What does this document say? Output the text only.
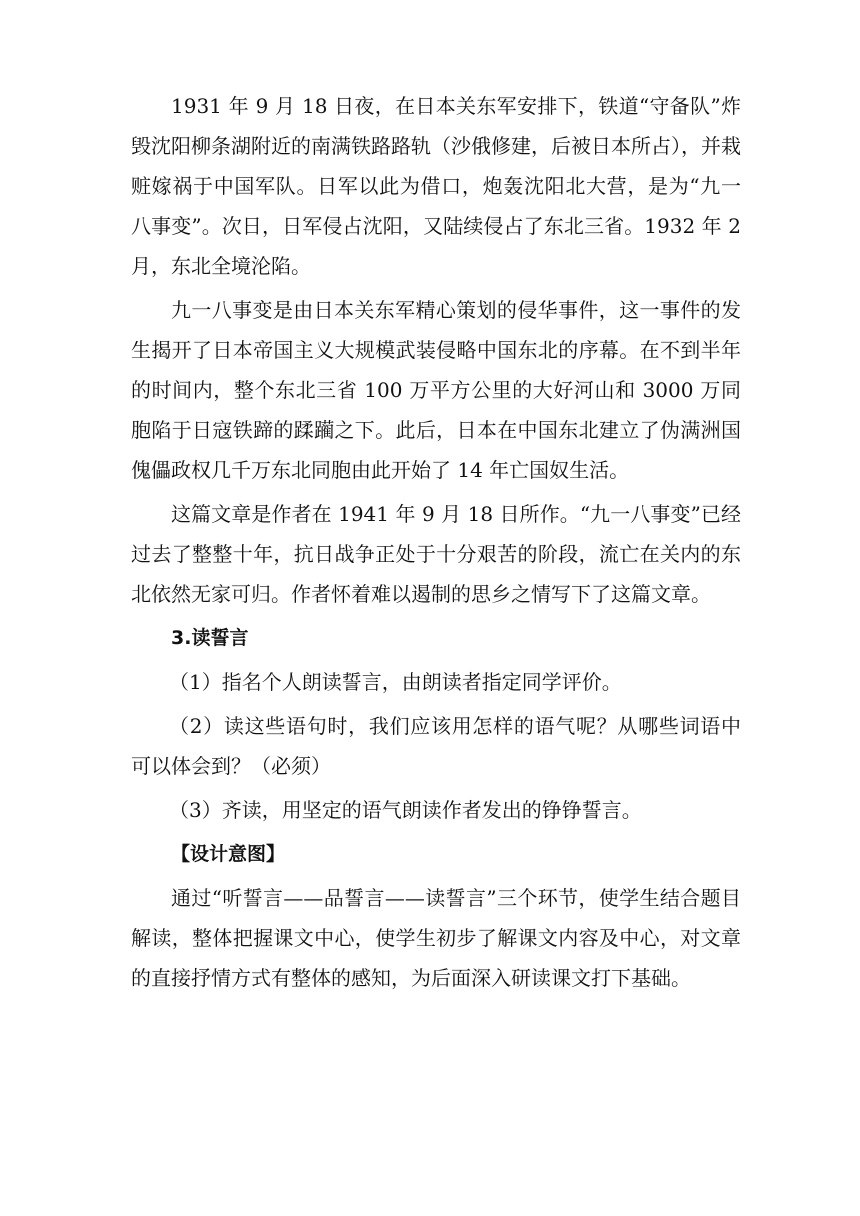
1931 年 9 月 18 日夜，在日本关东军安排下，铁道“守备队”炸毁沈阳柳条湖附近的南满铁路路轨（沙俄修建，后被日本所占），并栽赃嫁祸于中国军队。日军以此为借口，炮轰沈阳北大营，是为“九一八事变”。次日，日军侵占沈阳，又陆续侵占了东北三省。1932 年 2 月，东北全境沦陷。

九一八事变是由日本关东军精心策划的侵华事件，这一事件的发生揭开了日本帝国主义大规模武装侵略中国东北的序幕。在不到半年的时间内，整个东北三省 100 万平方公里的大好河山和 3000 万同胞陷于日寇铁蹄的蹂躏之下。此后，日本在中国东北建立了伪满洲国傀儡政权几千万东北同胞由此开始了 14 年亡国奴生活。

这篇文章是作者在 1941 年 9 月 18 日所作。“九一八事变”已经过去了整整十年，抗日战争正处于十分艰苦的阶段，流亡在关内的东北依然无家可归。作者怀着难以遏制的思乡之情写下了这篇文章。

3.读誓言

（1）指名个人朗读誓言，由朗读者指定同学评价。

（2）读这些语句时，我们应该用怎样的语气呢？从哪些词语中可以体会到？（必须）

（3）齐读，用坚定的语气朗读作者发出的铮铮誓言。

【设计意图】

通过“听誓言——品誓言——读誓言”三个环节，使学生结合题目解读，整体把握课文中心，使学生初步了解课文内容及中心，对文章的直接抒情方式有整体的感知，为后面深入研读课文打下基础。
